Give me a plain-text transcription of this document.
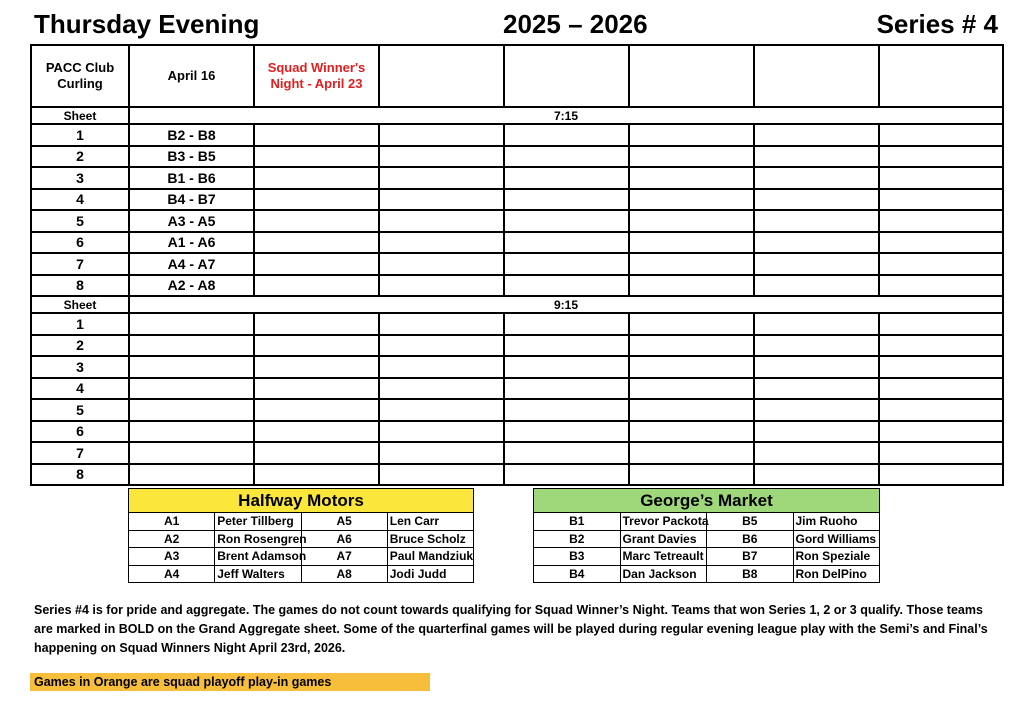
Thursday Evening	2025 – 2026	Series # 4
PACC Club Curling	April 16	Squad Winner's Night - April 23					
Sheet	7:15						
1	B2 - B8						
2	B3 - B5						
3	B1 - B6						
4	B4 - B7						
5	A3 - A5						
6	A1 - A6						
7	A4 - A7						
8	A2 - A8						
Sheet	9:15						
1							
2							
3							
4							
5							
6							
7							
8							
Halfway Motors			
A1	Peter Tillberg	A5	Len Carr
A2	Ron Rosengren	A6	Bruce Scholz
A3	Brent Adamson	A7	Paul Mandziuk
A4	Jeff Walters	A8	Jodi Judd
George’s Market			
B1	Trevor Packota	B5	Jim Ruoho
B2	Grant Davies	B6	Gord Williams
B3	Marc Tetreault	B7	Ron Speziale
B4	Dan Jackson	B8	Ron DelPino
Series #4 is for pride and aggregate. The games do not count towards qualifying for Squad Winner’s Night. Teams that won Series 1, 2 or 3 qualify. Those teams are marked in BOLD on the Grand Aggregate sheet. Some of the quarterfinal games will be played during regular evening league play with the Semi’s and Final’s happening on Squad Winners Night April 23rd, 2026.
Games in Orange are squad playoff play-in games
